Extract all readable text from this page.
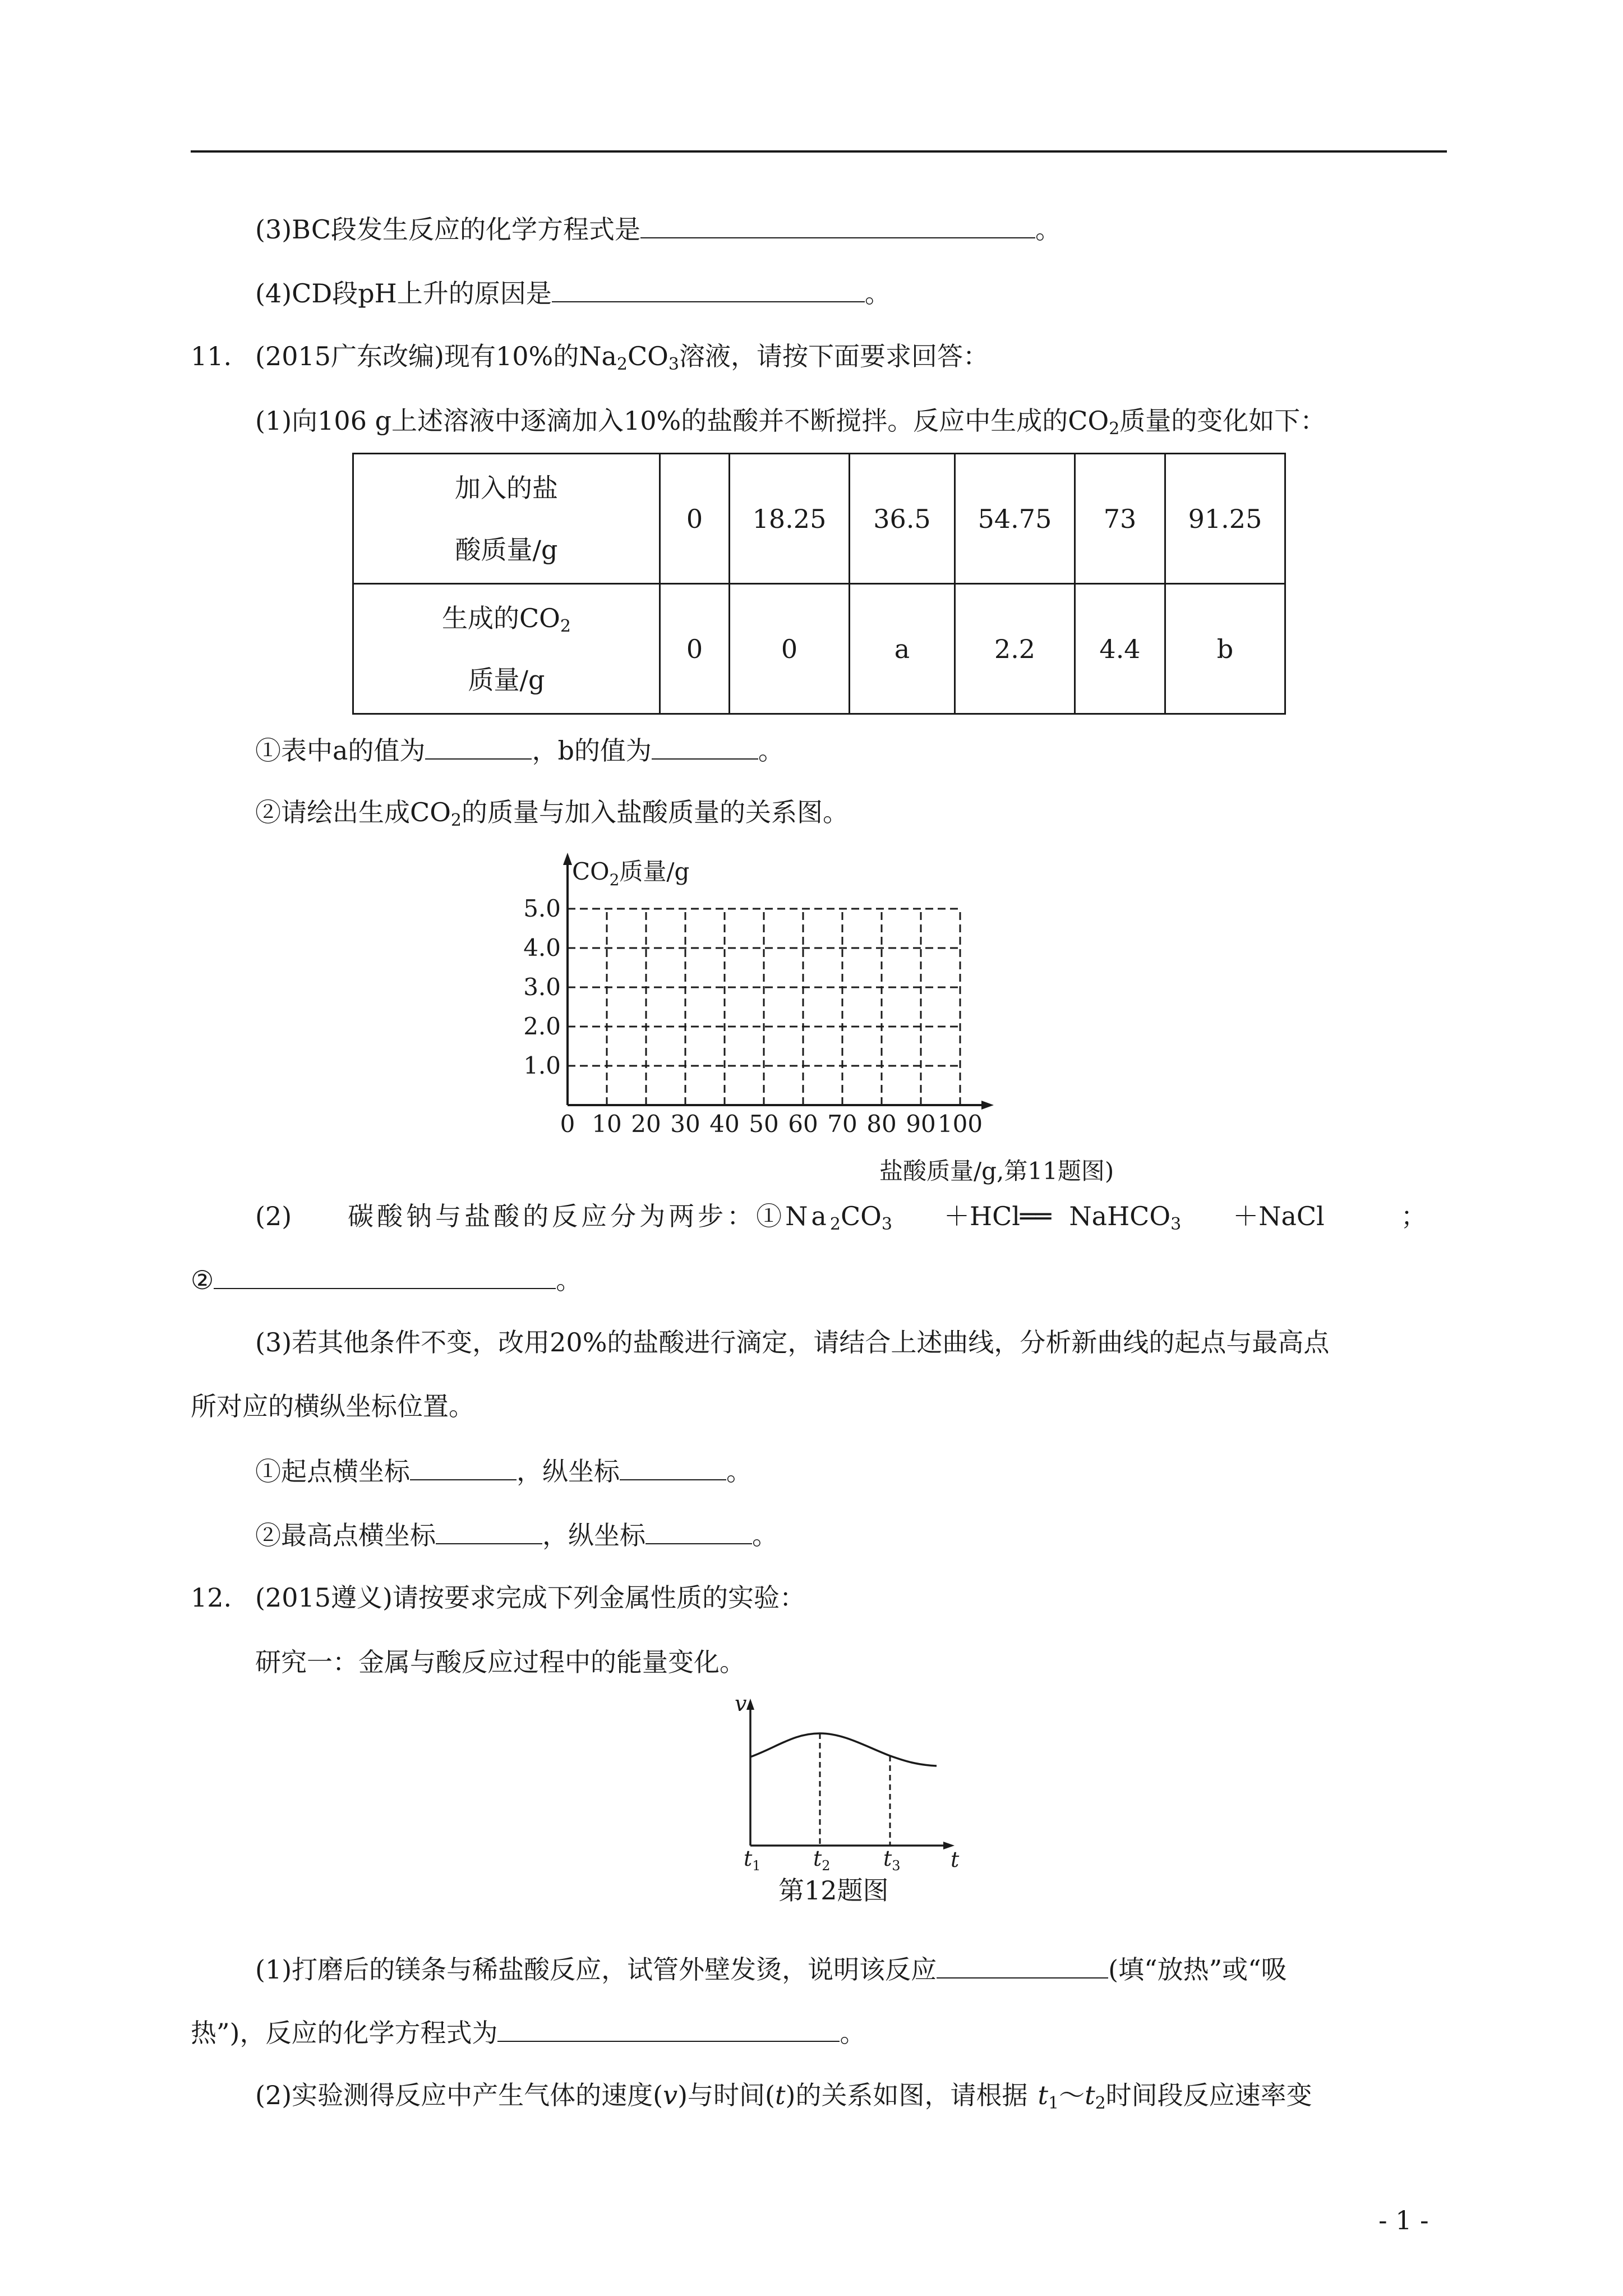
(3)BC段发生反应的化学方程式是	。
(4)CD段pH上升的原因是	。
11. (2015广东改编)现有10%的$Na_2CO_3$溶液，请按下面要求回答：
(1)向106 g上述溶液中逐滴加入10%的盐酸并不断搅拌。反应中生成的$CO_2$质量的变化如下：
加入的盐
酸质量/g	0	18.25	36.5	54.75	73	91.25
生成的$CO_2$
质量/g	0	0	a	2.2	4.4	b
①表中a的值为	，b的值为	。
②请绘出生成$CO_2$的质量与加入盐酸质量的关系图。
$CO_2$质量/g
1.0
2.0
3.0
4.0
5.0
0 10 20 30 40 50 60 70 80 90 100
盐酸质量/g,第11题图)
(2) 碳酸钠与盐酸的反应分为两步：$①Na_2CO_3$ ＋HCl══ NaHCO$_3$ ＋NaCl	；
②	。
(3)若其他条件不变，改用20%的盐酸进行滴定，请结合上述曲线，分析新曲线的起点与最高点
所对应的横纵坐标位置。
①起点横坐标	，纵坐标	。
②最高点横坐标	，纵坐标	。
12. (2015遵义)请按要求完成下列金属性质的实验：
研究一：金属与酸反应过程中的能量变化。
v
t
$t_1$ $t_2$ $t_3$
第12题图
(1)打磨后的镁条与稀盐酸反应，试管外壁发烫，说明该反应	(填“放热”或“吸
热”)，反应的化学方程式为	。
(2)实验测得反应中产生气体的速度(v)与时间(t)的关系如图，请根据 $t_1\sim t_2$时间段反应速率变
- 1 -
